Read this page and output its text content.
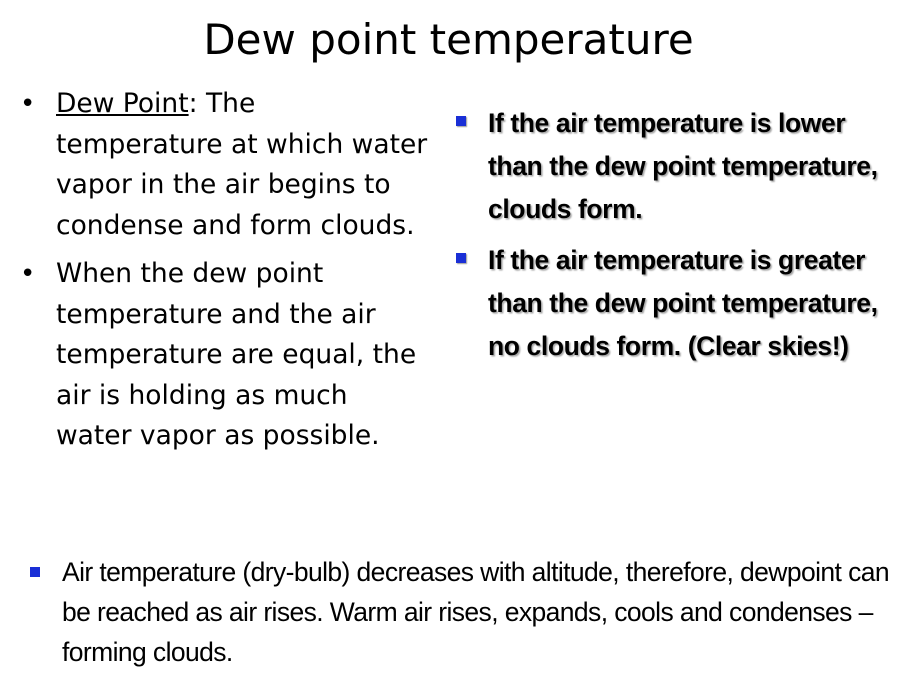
Dew point temperature
• Dew Point: The temperature at which water vapor in the air begins to condense and form clouds.
• When the dew point temperature and the air temperature are equal, the air is holding as much water vapor as possible.
If the air temperature is lower than the dew point temperature, clouds form.
If the air temperature is greater than the dew point temperature, no clouds form. (Clear skies!)
Air temperature (dry-bulb) decreases with altitude, therefore, dewpoint can be reached as air rises. Warm air rises, expands, cools and condenses – forming clouds.
